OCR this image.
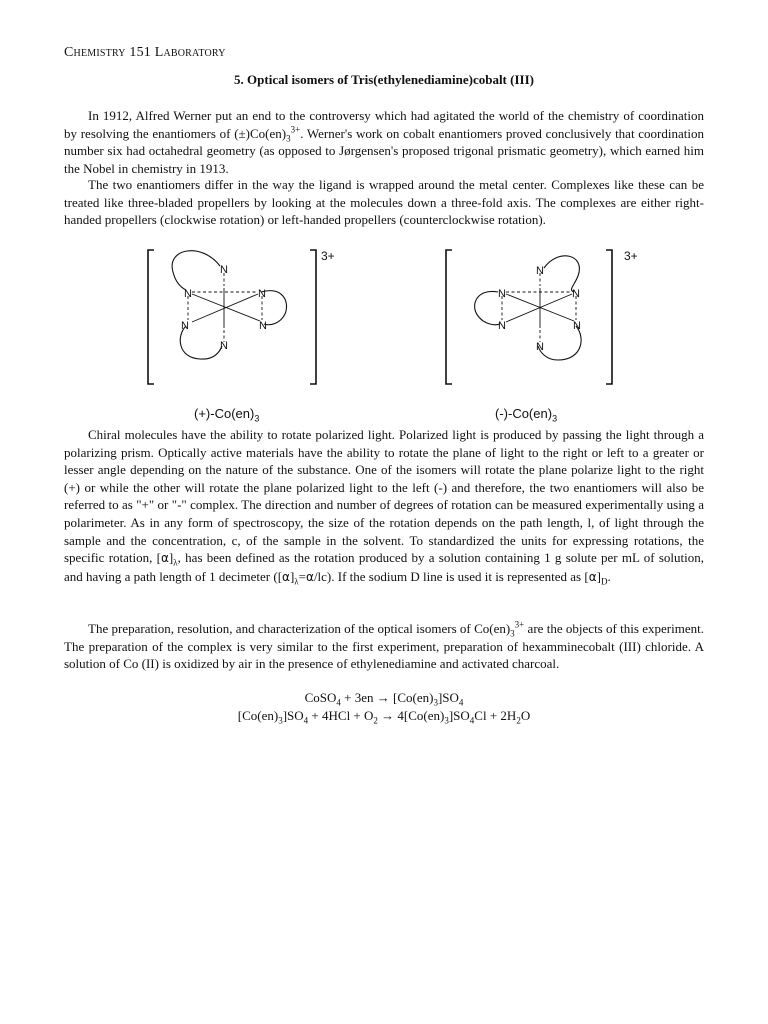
Chemistry 151 Laboratory
5. Optical isomers of Tris(ethylenediamine)cobalt (III)

In 1912, Alfred Werner put an end to the controversy which had agitated the world of the chemistry of coordination by resolving the enantiomers of $(\pm)Co(en)_3^{3+}$. Werner's work on cobalt enantiomers proved conclusively that coordination number six had octahedral geometry (as opposed to Jørgensen's proposed trigonal prismatic geometry), which earned him the Nobel in chemistry in 1913.

The two enantiomers differ in the way the ligand is wrapped around the metal center. Complexes like these can be treated like three-bladed propellers by looking at the molecules down a three-fold axis. The complexes are either right-handed propellers (clockwise rotation) or left-handed propellers (counterclockwise rotation).

N
N	N
N	N
N
3+
N
N	N
N	N
N
3+
$(+)-Co(en)_3$	$(-)-Co(en)_3$

Chiral molecules have the ability to rotate polarized light. Polarized light is produced by passing the light through a polarizing prism. Optically active materials have the ability to rotate the plane of light to the right or left to a greater or lesser angle depending on the nature of the substance. One of the isomers will rotate the plane polarize light to the right (+) or while the other will rotate the plane polarized light to the left (-) and therefore, the two enantiomers will also be referred to as "+" or "-" complex. The direction and number of degrees of rotation can be measured experimentally using a polarimeter. As in any form of spectroscopy, the size of the rotation depends on the path length, l, of light through the sample and the concentration, c, of the sample in the solvent. To standardized the units for expressing rotations, the specific rotation, $[\alpha]_\lambda$, has been defined as the rotation produced by a solution containing 1 g solute per mL of solution, and having a path length of 1 decimeter $([\alpha]_\lambda=\alpha/lc)$. If the sodium D line is used it is represented as $[\alpha]_D$.

The preparation, resolution, and characterization of the optical isomers of $Co(en)_3^{3+}$ are the objects of this experiment. The preparation of the complex is very similar to the first experiment, preparation of hexamminecobalt (III) chloride. A solution of Co (II) is oxidized by air in the presence of ethylenediamine and activated charcoal.

CoSO$_4$ + $3en \to [Co(en)_3]SO_4$
$[Co(en)_3]SO_4 + 4HCl + O_2 \to 4[Co(en)_3]SO_4Cl + 2H_2O$
